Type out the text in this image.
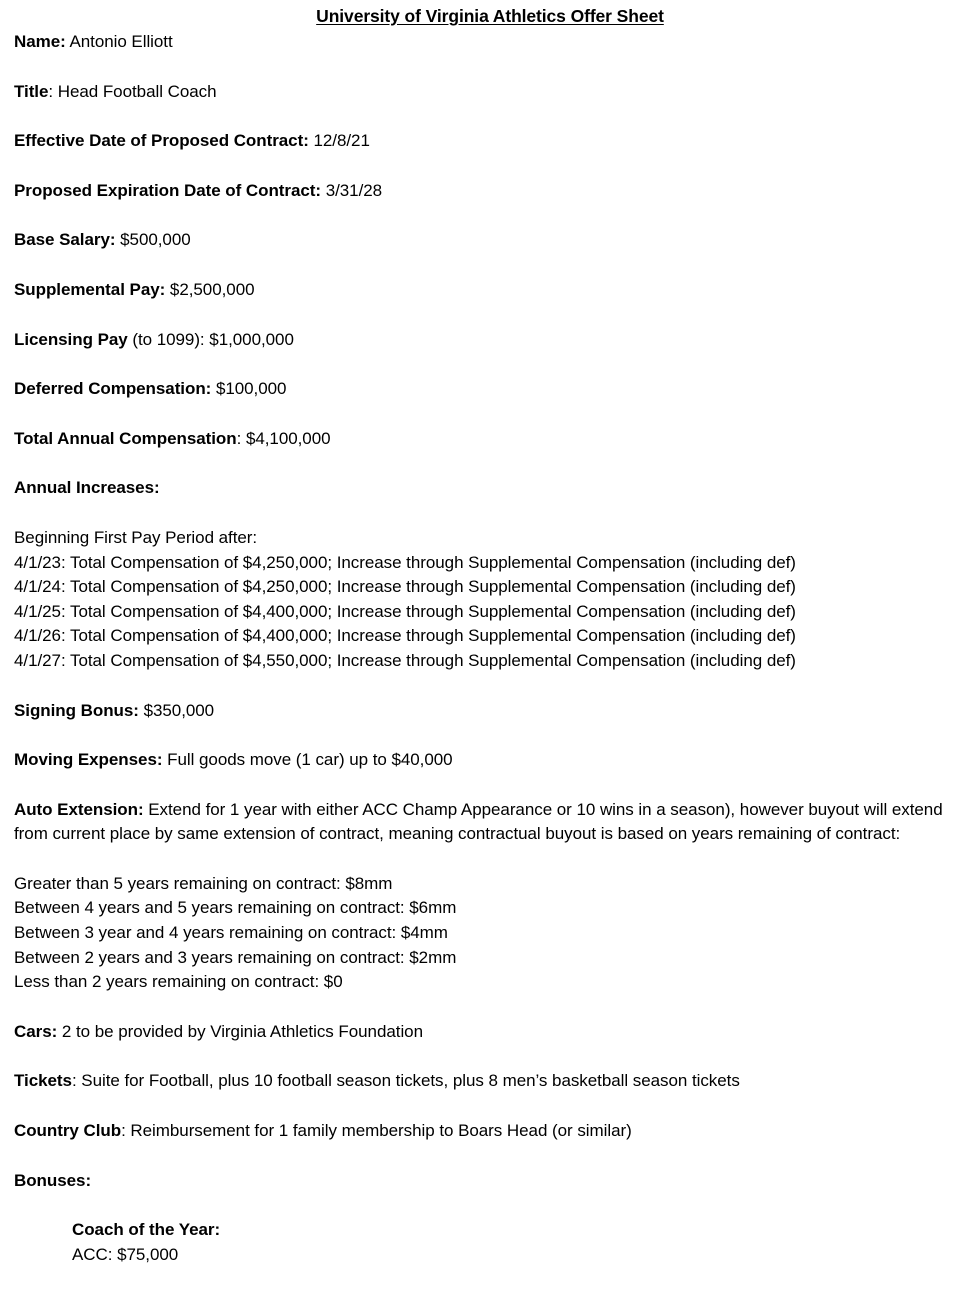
University of Virginia Athletics Offer Sheet

Name: Antonio Elliott

Title: Head Football Coach

Effective Date of Proposed Contract: 12/8/21

Proposed Expiration Date of Contract: 3/31/28

Base Salary: $500,000

Supplemental Pay: $2,500,000

Licensing Pay (to 1099): $1,000,000

Deferred Compensation: $100,000

Total Annual Compensation: $4,100,000

Annual Increases:

Beginning First Pay Period after:

4/1/23: Total Compensation of $4,250,000; Increase through Supplemental Compensation (including def)

4/1/24: Total Compensation of $4,250,000; Increase through Supplemental Compensation (including def)

4/1/25: Total Compensation of $4,400,000; Increase through Supplemental Compensation (including def)

4/1/26: Total Compensation of $4,400,000; Increase through Supplemental Compensation (including def)

4/1/27: Total Compensation of $4,550,000; Increase through Supplemental Compensation (including def)

Signing Bonus: $350,000

Moving Expenses: Full goods move (1 car) up to $40,000

Auto Extension: Extend for 1 year with either ACC Champ Appearance or 10 wins in a season), however buyout will extend from current place by same extension of contract, meaning contractual buyout is based on years remaining of contract:

Greater than 5 years remaining on contract: $8mm

Between 4 years and 5 years remaining on contract: $6mm

Between 3 year and 4 years remaining on contract: $4mm

Between 2 years and 3 years remaining on contract: $2mm

Less than 2 years remaining on contract: $0

Cars: 2 to be provided by Virginia Athletics Foundation

Tickets: Suite for Football, plus 10 football season tickets, plus 8 men’s basketball season tickets

Country Club: Reimbursement for 1 family membership to Boars Head (or similar)

Bonuses:

Coach of the Year:

ACC: $75,000
